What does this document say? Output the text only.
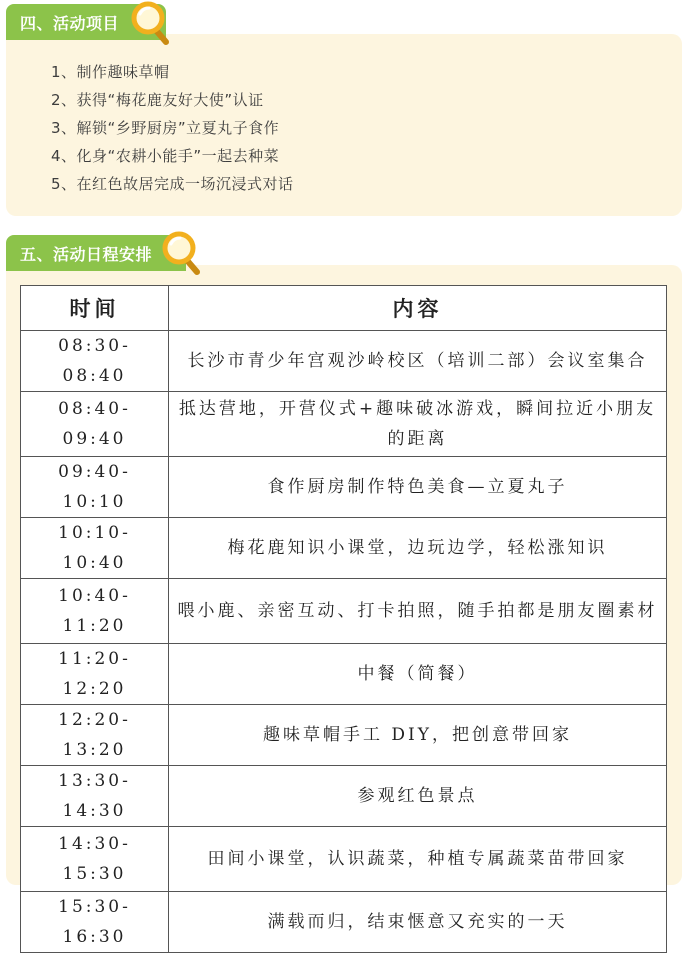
四、活动项目
1、制作趣味草帽
2、获得“梅花鹿友好大使”认证
3、解锁“乡野厨房”立夏丸子食作
4、化身“农耕小能手”一起去种菜
5、在红色故居完成一场沉浸式对话
五、活动日程安排
时间	内容
08:30-08:40	长沙市青少年宫观沙岭校区（培训二部）会议室集合
08:40-09:40	抵达营地，开营仪式+趣味破冰游戏，瞬间拉近小朋友的距离
09:40-10:10	食作厨房制作特色美食—立夏丸子
10:10-10:40	梅花鹿知识小课堂，边玩边学，轻松涨知识
10:40-11:20	喂小鹿、亲密互动、打卡拍照，随手拍都是朋友圈素材
11:20-12:20	中餐（简餐）
12:20-13:20	趣味草帽手工 DIY，把创意带回家
13:30-14:30	参观红色景点
14:30-15:30	田间小课堂，认识蔬菜，种植专属蔬菜苗带回家
15:30-16:30	满载而归，结束惬意又充实的一天
